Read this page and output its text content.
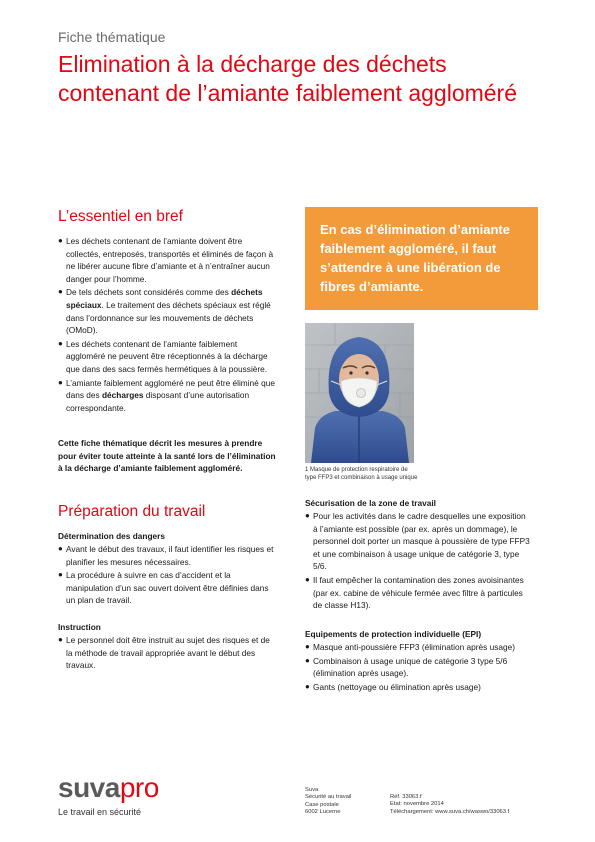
Fiche thématique
Elimination à la décharge des déchets contenant de l’amiante faiblement aggloméré
L’essentiel en bref
● Les déchets contenant de l’amiante doivent être collectés, entreposés, transportés et éliminés de façon à ne libérer aucune fibre d’amiante et à n’entraîner aucun danger pour l’homme.
● De tels déchets sont considérés comme des déchets spéciaux. Le traitement des déchets spéciaux est réglé dans l’ordonnance sur les mouvements de déchets (OMoD).
● Les déchets contenant de l’amiante faiblement aggloméré ne peuvent être réceptionnés à la décharge que dans des sacs fermés hermétiques à la poussière.
● L’amiante faiblement aggloméré ne peut être éliminé que dans des décharges disposant d’une autorisation correspondante.

Cette fiche thématique décrit les mesures à prendre pour éviter toute atteinte à la santé lors de l’élimination à la décharge d’amiante faiblement aggloméré.

Préparation du travail
Détermination des dangers
● Avant le début des travaux, il faut identifier les risques et planifier les mesures nécessaires.
● La procédure à suivre en cas d’accident et la manipulation d’un sac ouvert doivent être définies dans un plan de travail.
Instruction
● Le personnel doit être instruit au sujet des risques et de la méthode de travail appropriée avant le début des travaux.
En cas d’élimination d’amiante faiblement aggloméré, il faut s’attendre à une libération de fibres d’amiante.
1 Masque de protection respiratoire de type FFP3 et combinaison à usage unique
Sécurisation de la zone de travail
● Pour les activités dans le cadre desquelles une exposition à l’amiante est possible (par ex. après un dommage), le personnel doit porter un masque à poussière de type FFP3 et une combinaison à usage unique de catégorie 3, type 5/6.
● Il faut empêcher la contamination des zones avoisinantes (par ex. cabine de véhicule fermée avec filtre à particules de classe H13).
Equipements de protection individuelle (EPI)
● Masque anti-poussière FFP3 (élimination après usage)
● Combinaison à usage unique de catégorie 3 type 5/6 (élimination après usage).
● Gants (nettoyage ou élimination après usage)
suvapro
Le travail en sécurité
Suva
Sécurité au travail
Case postale
6002 Lucerne
Réf. 33063.f
Etat: novembre 2014
Téléchargement: www.suva.ch/waswo/33063.f
